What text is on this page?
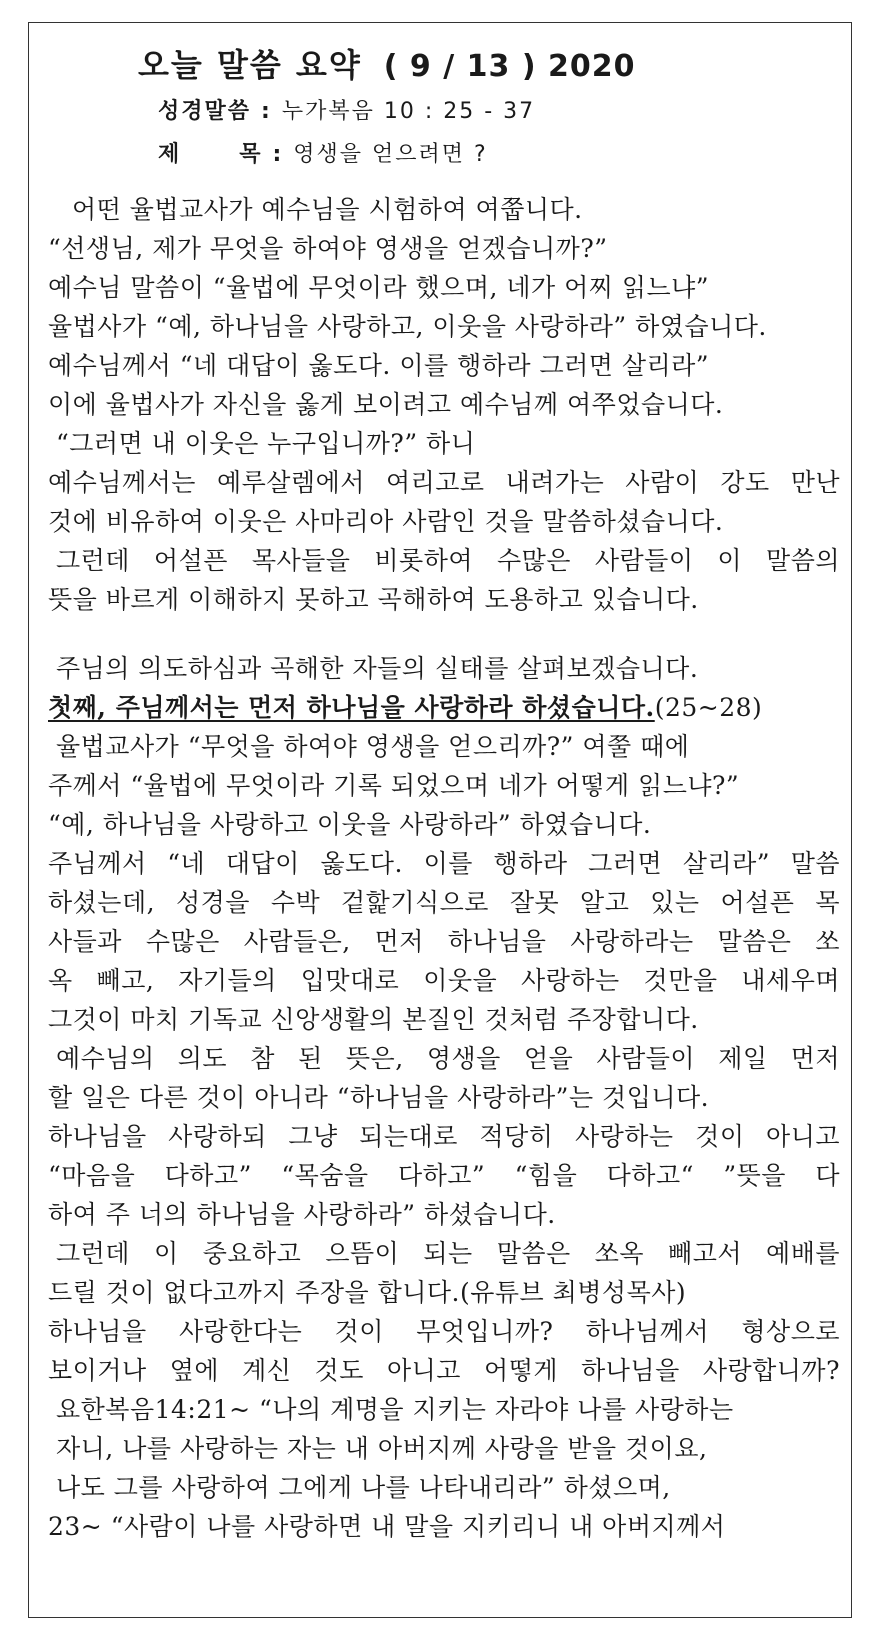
오늘 말씀 요약 ( 9 / 13 ) 2020
성경말씀 : 누가복음 10 : 25 - 37
제      목 : 영생을 얻으려면 ?
어떤 율법교사가 예수님을 시험하여 여쭙니다.
“선생님, 제가 무엇을 하여야 영생을 얻겠습니까?”
예수님 말씀이 “율법에 무엇이라 했으며, 네가 어찌 읽느냐”
율법사가 “예, 하나님을 사랑하고, 이웃을 사랑하라” 하였습니다.
예수님께서 “네 대답이 옳도다. 이를 행하라 그러면 살리라”
이에 율법사가 자신을 옳게 보이려고 예수님께 여쭈었습니다.
“그러면 내 이웃은 누구입니까?” 하니
예수님께서는 예루살렘에서 여리고로 내려가는 사람이 강도 만난
것에 비유하여 이웃은 사마리아 사람인 것을 말씀하셨습니다.
그런데 어설픈 목사들을 비롯하여 수많은 사람들이 이 말씀의
뜻을 바르게 이해하지 못하고 곡해하여 도용하고 있습니다.
주님의 의도하심과 곡해한 자들의 실태를 살펴보겠습니다.
첫째, 주님께서는 먼저 하나님을 사랑하라 하셨습니다.(25~28)
율법교사가 “무엇을 하여야 영생을 얻으리까?” 여쭐 때에
주께서 “율법에 무엇이라 기록 되었으며 네가 어떻게 읽느냐?”
“예, 하나님을 사랑하고 이웃을 사랑하라” 하였습니다.
주님께서 “네 대답이 옳도다. 이를 행하라 그러면 살리라” 말씀
하셨는데, 성경을 수박 겉핥기식으로 잘못 알고 있는 어설픈 목
사들과 수많은 사람들은, 먼저 하나님을 사랑하라는 말씀은 쏘
옥 빼고, 자기들의 입맛대로 이웃을 사랑하는 것만을 내세우며
그것이 마치 기독교 신앙생활의 본질인 것처럼 주장합니다.
예수님의 의도 참 된 뜻은, 영생을 얻을 사람들이 제일 먼저
할 일은 다른 것이 아니라 “하나님을 사랑하라”는 것입니다.
하나님을 사랑하되 그냥 되는대로 적당히 사랑하는 것이 아니고
“마음을 다하고” “목숨을 다하고” “힘을 다하고“ ”뜻을 다
하여 주 너의 하나님을 사랑하라” 하셨습니다.
그런데 이 중요하고 으뜸이 되는 말씀은 쏘옥 빼고서 예배를
드릴 것이 없다고까지 주장을 합니다.(유튜브 최병성목사)
하나님을 사랑한다는 것이 무엇입니까? 하나님께서 형상으로
보이거나 옆에 계신 것도 아니고 어떻게 하나님을 사랑합니까?
요한복음14:21~ “나의 계명을 지키는 자라야 나를 사랑하는
자니, 나를 사랑하는 자는 내 아버지께 사랑을 받을 것이요,
나도 그를 사랑하여 그에게 나를 나타내리라” 하셨으며,
23~ “사람이 나를 사랑하면 내 말을 지키리니 내 아버지께서
